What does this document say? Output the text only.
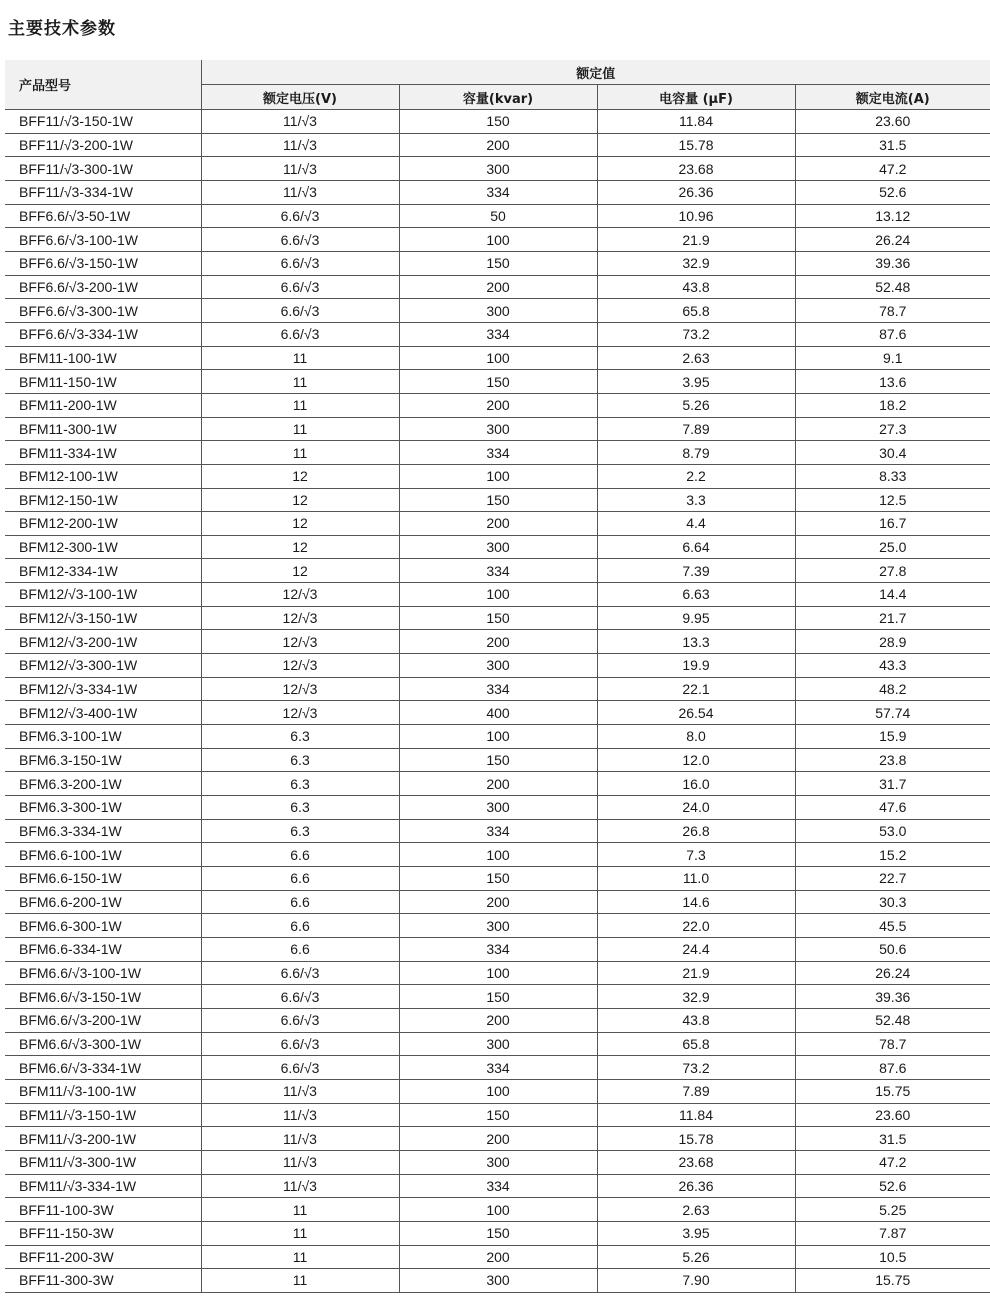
主要技术参数
产品型号	额定值			
	额定电压(V)	容量(kvar)	电容量 (μF)	额定电流(A)
BFF11/√3-150-1W	11/√3	150	11.84	23.60
BFF11/√3-200-1W	11/√3	200	15.78	31.5
BFF11/√3-300-1W	11/√3	300	23.68	47.2
BFF11/√3-334-1W	11/√3	334	26.36	52.6
BFF6.6/√3-50-1W	6.6/√3	50	10.96	13.12
BFF6.6/√3-100-1W	6.6/√3	100	21.9	26.24
BFF6.6/√3-150-1W	6.6/√3	150	32.9	39.36
BFF6.6/√3-200-1W	6.6/√3	200	43.8	52.48
BFF6.6/√3-300-1W	6.6/√3	300	65.8	78.7
BFF6.6/√3-334-1W	6.6/√3	334	73.2	87.6
BFM11-100-1W	11	100	2.63	9.1
BFM11-150-1W	11	150	3.95	13.6
BFM11-200-1W	11	200	5.26	18.2
BFM11-300-1W	11	300	7.89	27.3
BFM11-334-1W	11	334	8.79	30.4
BFM12-100-1W	12	100	2.2	8.33
BFM12-150-1W	12	150	3.3	12.5
BFM12-200-1W	12	200	4.4	16.7
BFM12-300-1W	12	300	6.64	25.0
BFM12-334-1W	12	334	7.39	27.8
BFM12/√3-100-1W	12/√3	100	6.63	14.4
BFM12/√3-150-1W	12/√3	150	9.95	21.7
BFM12/√3-200-1W	12/√3	200	13.3	28.9
BFM12/√3-300-1W	12/√3	300	19.9	43.3
BFM12/√3-334-1W	12/√3	334	22.1	48.2
BFM12/√3-400-1W	12/√3	400	26.54	57.74
BFM6.3-100-1W	6.3	100	8.0	15.9
BFM6.3-150-1W	6.3	150	12.0	23.8
BFM6.3-200-1W	6.3	200	16.0	31.7
BFM6.3-300-1W	6.3	300	24.0	47.6
BFM6.3-334-1W	6.3	334	26.8	53.0
BFM6.6-100-1W	6.6	100	7.3	15.2
BFM6.6-150-1W	6.6	150	11.0	22.7
BFM6.6-200-1W	6.6	200	14.6	30.3
BFM6.6-300-1W	6.6	300	22.0	45.5
BFM6.6-334-1W	6.6	334	24.4	50.6
BFM6.6/√3-100-1W	6.6/√3	100	21.9	26.24
BFM6.6/√3-150-1W	6.6/√3	150	32.9	39.36
BFM6.6/√3-200-1W	6.6/√3	200	43.8	52.48
BFM6.6/√3-300-1W	6.6/√3	300	65.8	78.7
BFM6.6/√3-334-1W	6.6/√3	334	73.2	87.6
BFM11/√3-100-1W	11/√3	100	7.89	15.75
BFM11/√3-150-1W	11/√3	150	11.84	23.60
BFM11/√3-200-1W	11/√3	200	15.78	31.5
BFM11/√3-300-1W	11/√3	300	23.68	47.2
BFM11/√3-334-1W	11/√3	334	26.36	52.6
BFF11-100-3W	11	100	2.63	5.25
BFF11-150-3W	11	150	3.95	7.87
BFF11-200-3W	11	200	5.26	10.5
BFF11-300-3W	11	300	7.90	15.75
